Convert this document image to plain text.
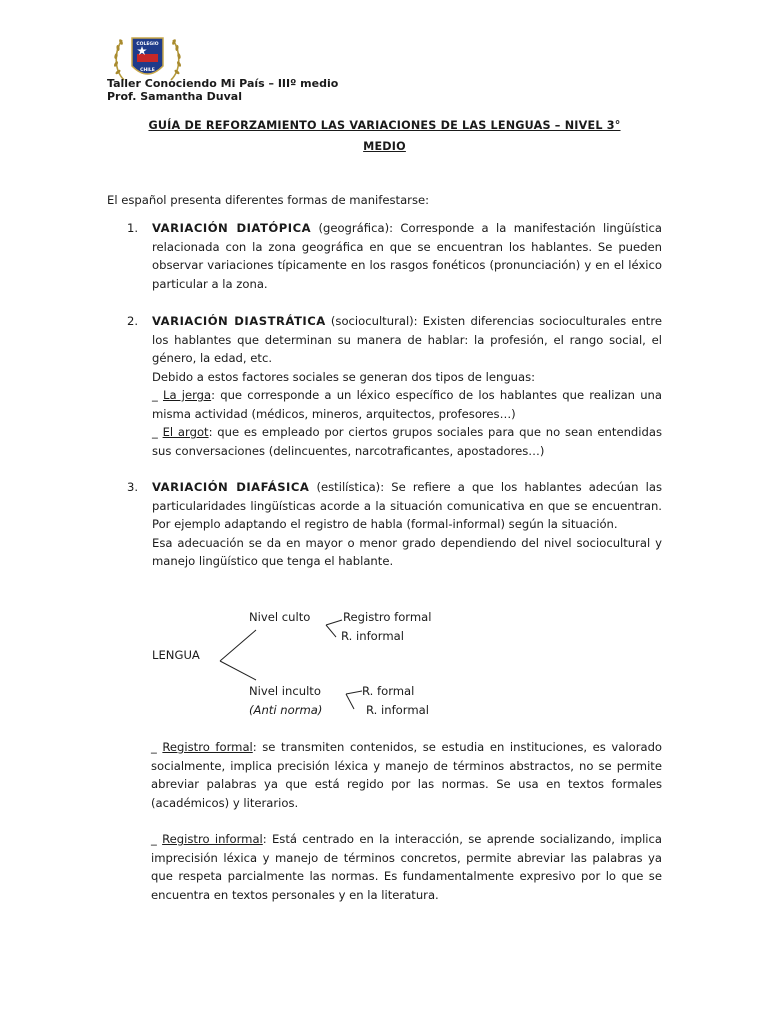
COLEGIO
CHILE
Taller Conociendo Mi País – IIIº medio
Prof. Samantha Duval
GUÍA DE REFORZAMIENTO LAS VARIACIONES DE LAS LENGUAS – NIVEL 3°
MEDIO
El español presenta diferentes formas de manifestarse:
1. VARIACIÓN DIATÓPICA (geográfica): Corresponde a la manifestación lingüística relacionada con la zona geográfica en que se encuentran los hablantes. Se pueden observar variaciones típicamente en los rasgos fonéticos (pronunciación) y en el léxico particular a la zona.
2. VARIACIÓN DIASTRÁTICA (sociocultural): Existen diferencias socioculturales entre los hablantes que determinan su manera de hablar: la profesión, el rango social, el género, la edad, etc.
Debido a estos factores sociales se generan dos tipos de lenguas:
_ La jerga: que corresponde a un léxico específico de los hablantes que realizan una misma actividad (médicos, mineros, arquitectos, profesores…)
_ El argot: que es empleado por ciertos grupos sociales para que no sean entendidas sus conversaciones (delincuentes, narcotraficantes, apostadores…)
3. VARIACIÓN DIAFÁSICA (estilística): Se refiere a que los hablantes adecúan las particularidades lingüísticas acorde a la situación comunicativa en que se encuentran. Por ejemplo adaptando el registro de habla (formal-informal) según la situación.
Esa adecuación se da en mayor o menor grado dependiendo del nivel sociocultural y manejo lingüístico que tenga el hablante.
LENGUA
Nivel culto	Registro formal
R. informal
Nivel inculto
(Anti norma)
R. formal
R. informal
_ Registro formal: se transmiten contenidos, se estudia en instituciones, es valorado socialmente, implica precisión léxica y manejo de términos abstractos, no se permite abreviar palabras ya que está regido por las normas. Se usa en textos formales (académicos) y literarios.
_ Registro informal: Está centrado en la interacción, se aprende socializando, implica imprecisión léxica y manejo de términos concretos, permite abreviar las palabras ya que respeta parcialmente las normas. Es fundamentalmente expresivo por lo que se encuentra en textos personales y en la literatura.
